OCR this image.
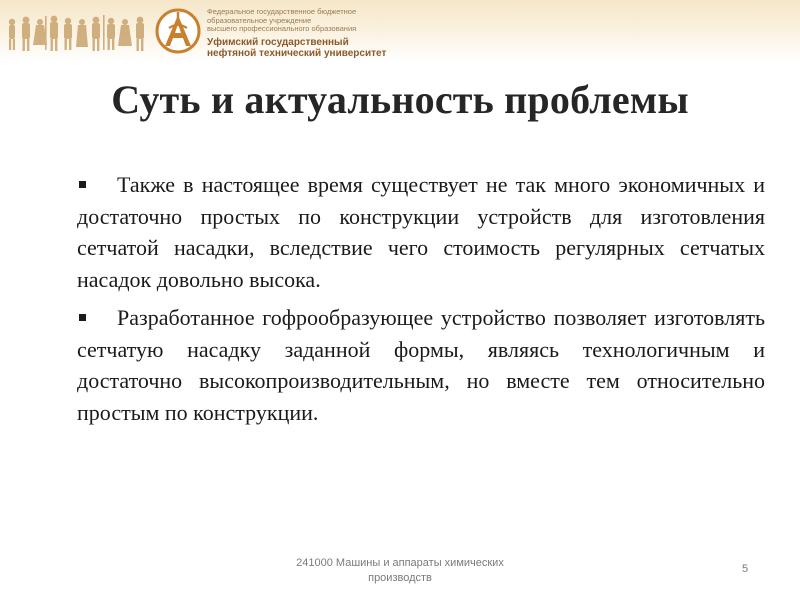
Федеральное государственное бюджетное

образовательное учреждение

высшего профессионального образования

Уфимский государственный

нефтяной технический университет

Суть и актуальность проблемы

Также в настоящее время существует не так много экономичных и достаточно простых по конструкции устройств для изготовления сетчатой насадки, вследствие чего стоимость регулярных сетчатых насадок довольно высока.

Разработанное гофрообразующее устройство позволяет изготовлять сетчатую насадку заданной формы, являясь технологичным и достаточно высокопроизводительным, но вместе тем относительно простым по конструкции.

241000 Машины и аппараты химических производств
5
